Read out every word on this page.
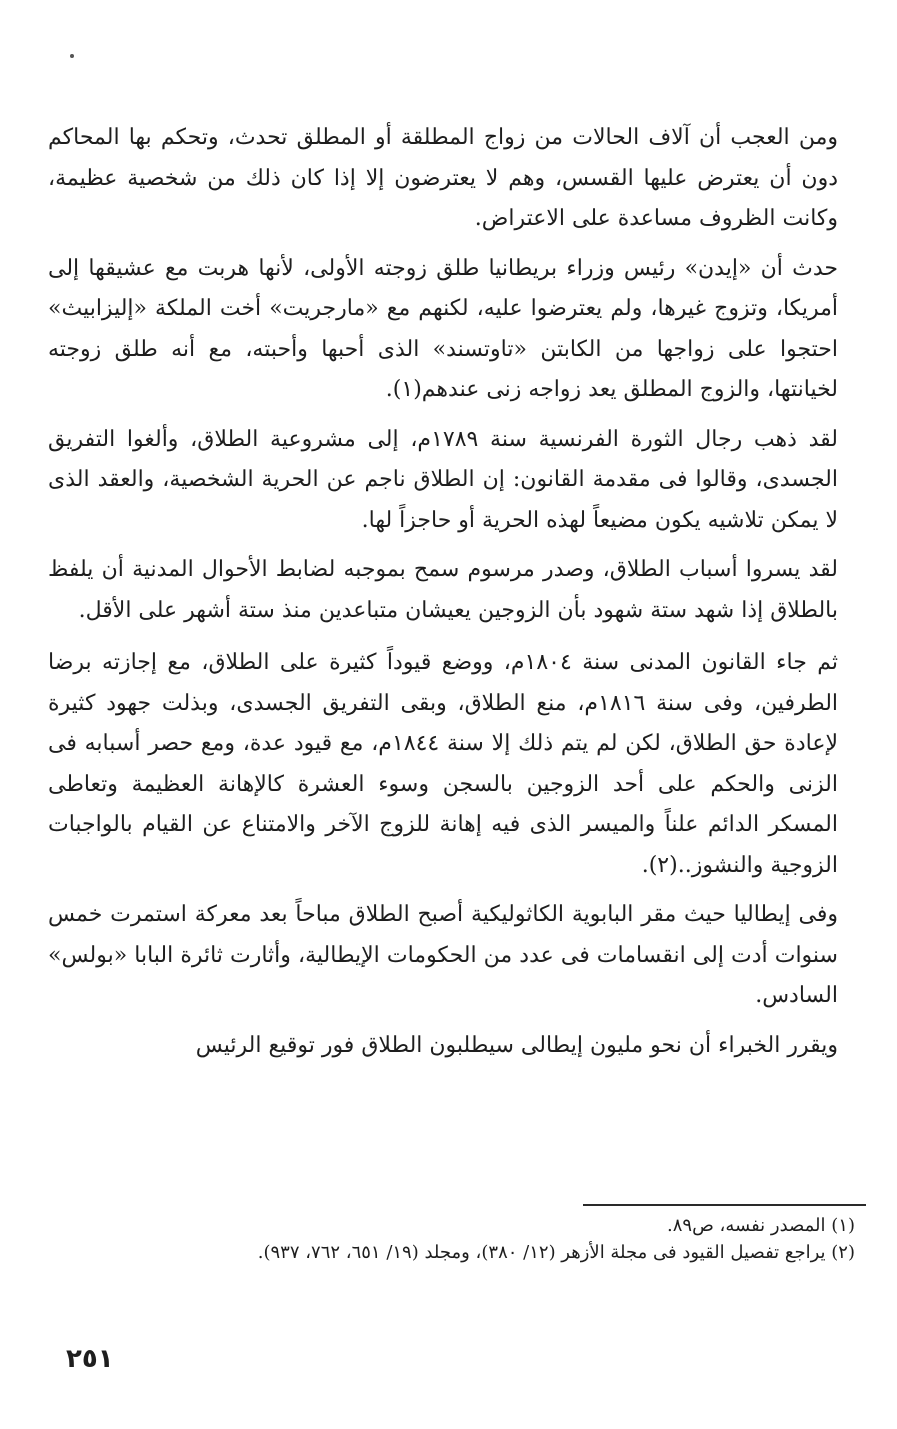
ومن العجب أن آلاف الحالات من زواج المطلقة أو المطلق تحدث، وتحكم بها المحاكم دون أن يعترض عليها القسس، وهم لا يعترضون إلا إذا كان ذلك من شخصية عظيمة، وكانت الظروف مساعدة على الاعتراض.

حدث أن «إيدن» رئيس وزراء بريطانيا طلق زوجته الأولى، لأنها هربت مع عشيقها إلى أمريكا، وتزوج غيرها، ولم يعترضوا عليه، لكنهم مع «مارجريت» أخت الملكة «إليزابيث» احتجوا على زواجها من الكابتن «تاوتسند» الذى أحبها وأحبته، مع أنه طلق زوجته لخيانتها، والزوج المطلق يعد زواجه زنى عندهم(١).

لقد ذهب رجال الثورة الفرنسية سنة ١٧٨٩م، إلى مشروعية الطلاق، وألغوا التفريق الجسدى، وقالوا فى مقدمة القانون: إن الطلاق ناجم عن الحرية الشخصية، والعقد الذى لا يمكن تلاشيه يكون مضيعاً لهذه الحرية أو حاجزاً لها.

لقد يسروا أسباب الطلاق، وصدر مرسوم سمح بموجبه لضابط الأحوال المدنية أن يلفظ بالطلاق إذا شهد ستة شهود بأن الزوجين يعيشان متباعدين منذ ستة أشهر على الأقل.

ثم جاء القانون المدنى سنة ١٨٠٤م، ووضع قيوداً كثيرة على الطلاق، مع إجازته برضا الطرفين، وفى سنة ١٨١٦م، منع الطلاق، وبقى التفريق الجسدى، وبذلت جهود كثيرة لإعادة حق الطلاق، لكن لم يتم ذلك إلا سنة ١٨٤٤م، مع قيود عدة، ومع حصر أسبابه فى الزنى والحكم على أحد الزوجين بالسجن وسوء العشرة كالإهانة العظيمة وتعاطى المسكر الدائم علناً والميسر الذى فيه إهانة للزوج الآخر والامتناع عن القيام بالواجبات الزوجية والنشوز..(٢).

وفى إيطاليا حيث مقر البابوية الكاثوليكية أصبح الطلاق مباحاً بعد معركة استمرت خمس سنوات أدت إلى انقسامات فى عدد من الحكومات الإيطالية، وأثارت ثائرة البابا «بولس» السادس.

ويقرر الخبراء أن نحو مليون إيطالى سيطلبون الطلاق فور توقيع الرئيس

(١) المصدر نفسه، ص٨٩.

(٢) يراجع تفصيل القيود فى مجلة الأزهر (١٢/ ٣٨٠)، ومجلد (١٩/ ٦٥١، ٧٦٢، ٩٣٧).

٢٥١
